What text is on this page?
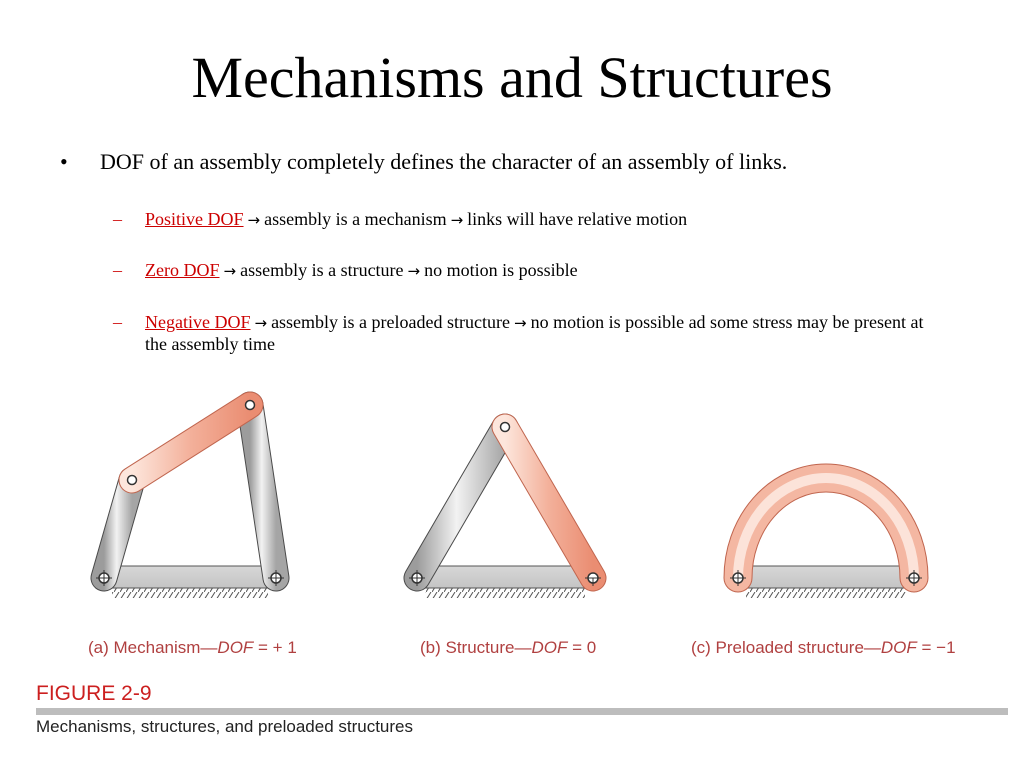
Mechanisms and Structures
• DOF of an assembly completely defines the character of an assembly of links.
– Positive DOF → assembly is a mechanism → links will have relative motion
– Zero DOF → assembly is a structure → no motion is possible
– Negative DOF → assembly is a preloaded structure → no motion is possible ad some stress may be present at the assembly time
(a) Mechanism—DOF = + 1	(b) Structure—DOF = 0	(c) Preloaded structure—DOF = −1
FIGURE 2-9
Mechanisms, structures, and preloaded structures
